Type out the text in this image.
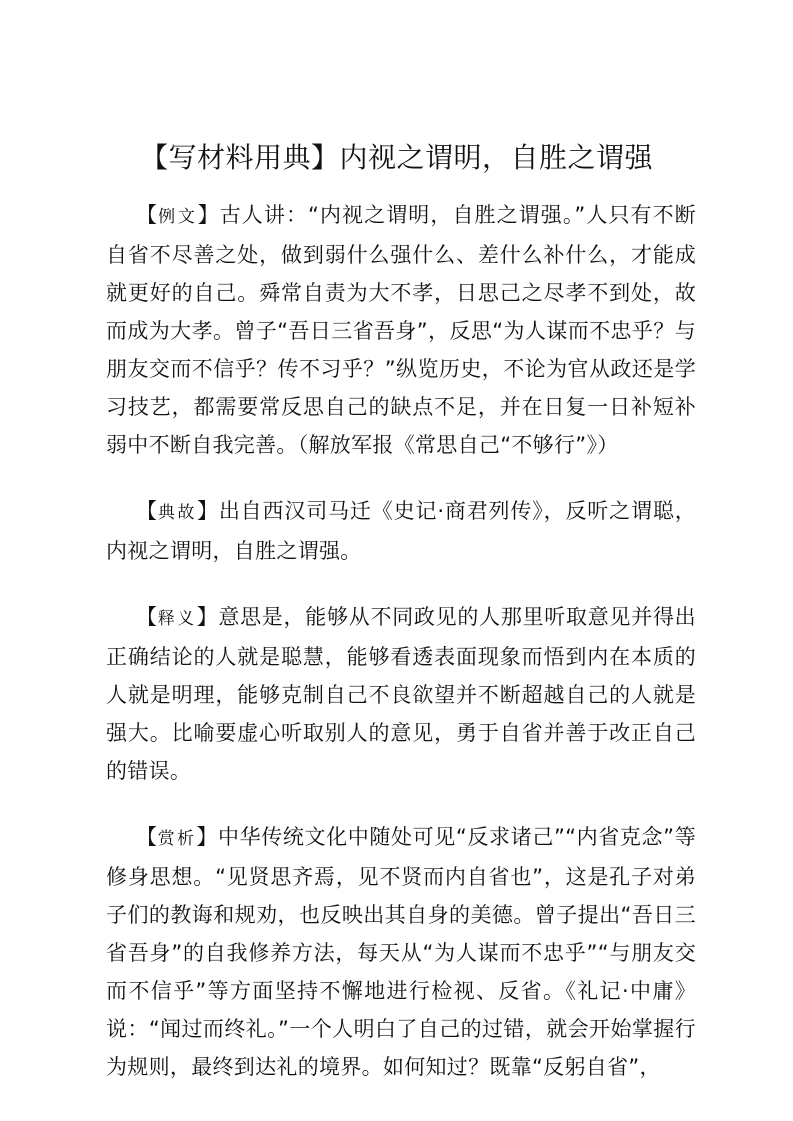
【写材料用典】内视之谓明，自胜之谓强

【例文】古人讲：“内视之谓明，自胜之谓强。”人只有不断自省不尽善之处，做到弱什么强什么、差什么补什么，才能成就更好的自己。舜常自责为大不孝，日思己之尽孝不到处，故而成为大孝。曾子“吾日三省吾身”，反思“为人谋而不忠乎？与朋友交而不信乎？传不习乎？”纵览历史，不论为官从政还是学习技艺，都需要常反思自己的缺点不足，并在日复一日补短补弱中不断自我完善。（解放军报《常思自己“不够行”》）

【典故】出自西汉司马迁《史记·商君列传》，反听之谓聪，内视之谓明，自胜之谓强。

【释义】意思是，能够从不同政见的人那里听取意见并得出正确结论的人就是聪慧，能够看透表面现象而悟到内在本质的人就是明理，能够克制自己不良欲望并不断超越自己的人就是强大。比喻要虚心听取别人的意见，勇于自省并善于改正自己的错误。

【赏析】中华传统文化中随处可见“反求诸己”“内省克念”等修身思想。“见贤思齐焉，见不贤而内自省也”，这是孔子对弟子们的教诲和规劝，也反映出其自身的美德。曾子提出“吾日三省吾身”的自我修养方法，每天从“为人谋而不忠乎”“与朋友交而不信乎”等方面坚持不懈地进行检视、反省。《礼记·中庸》说：“闻过而终礼。”一个人明白了自己的过错，就会开始掌握行为规则，最终到达礼的境界。如何知过？既靠“反躬自省”，
